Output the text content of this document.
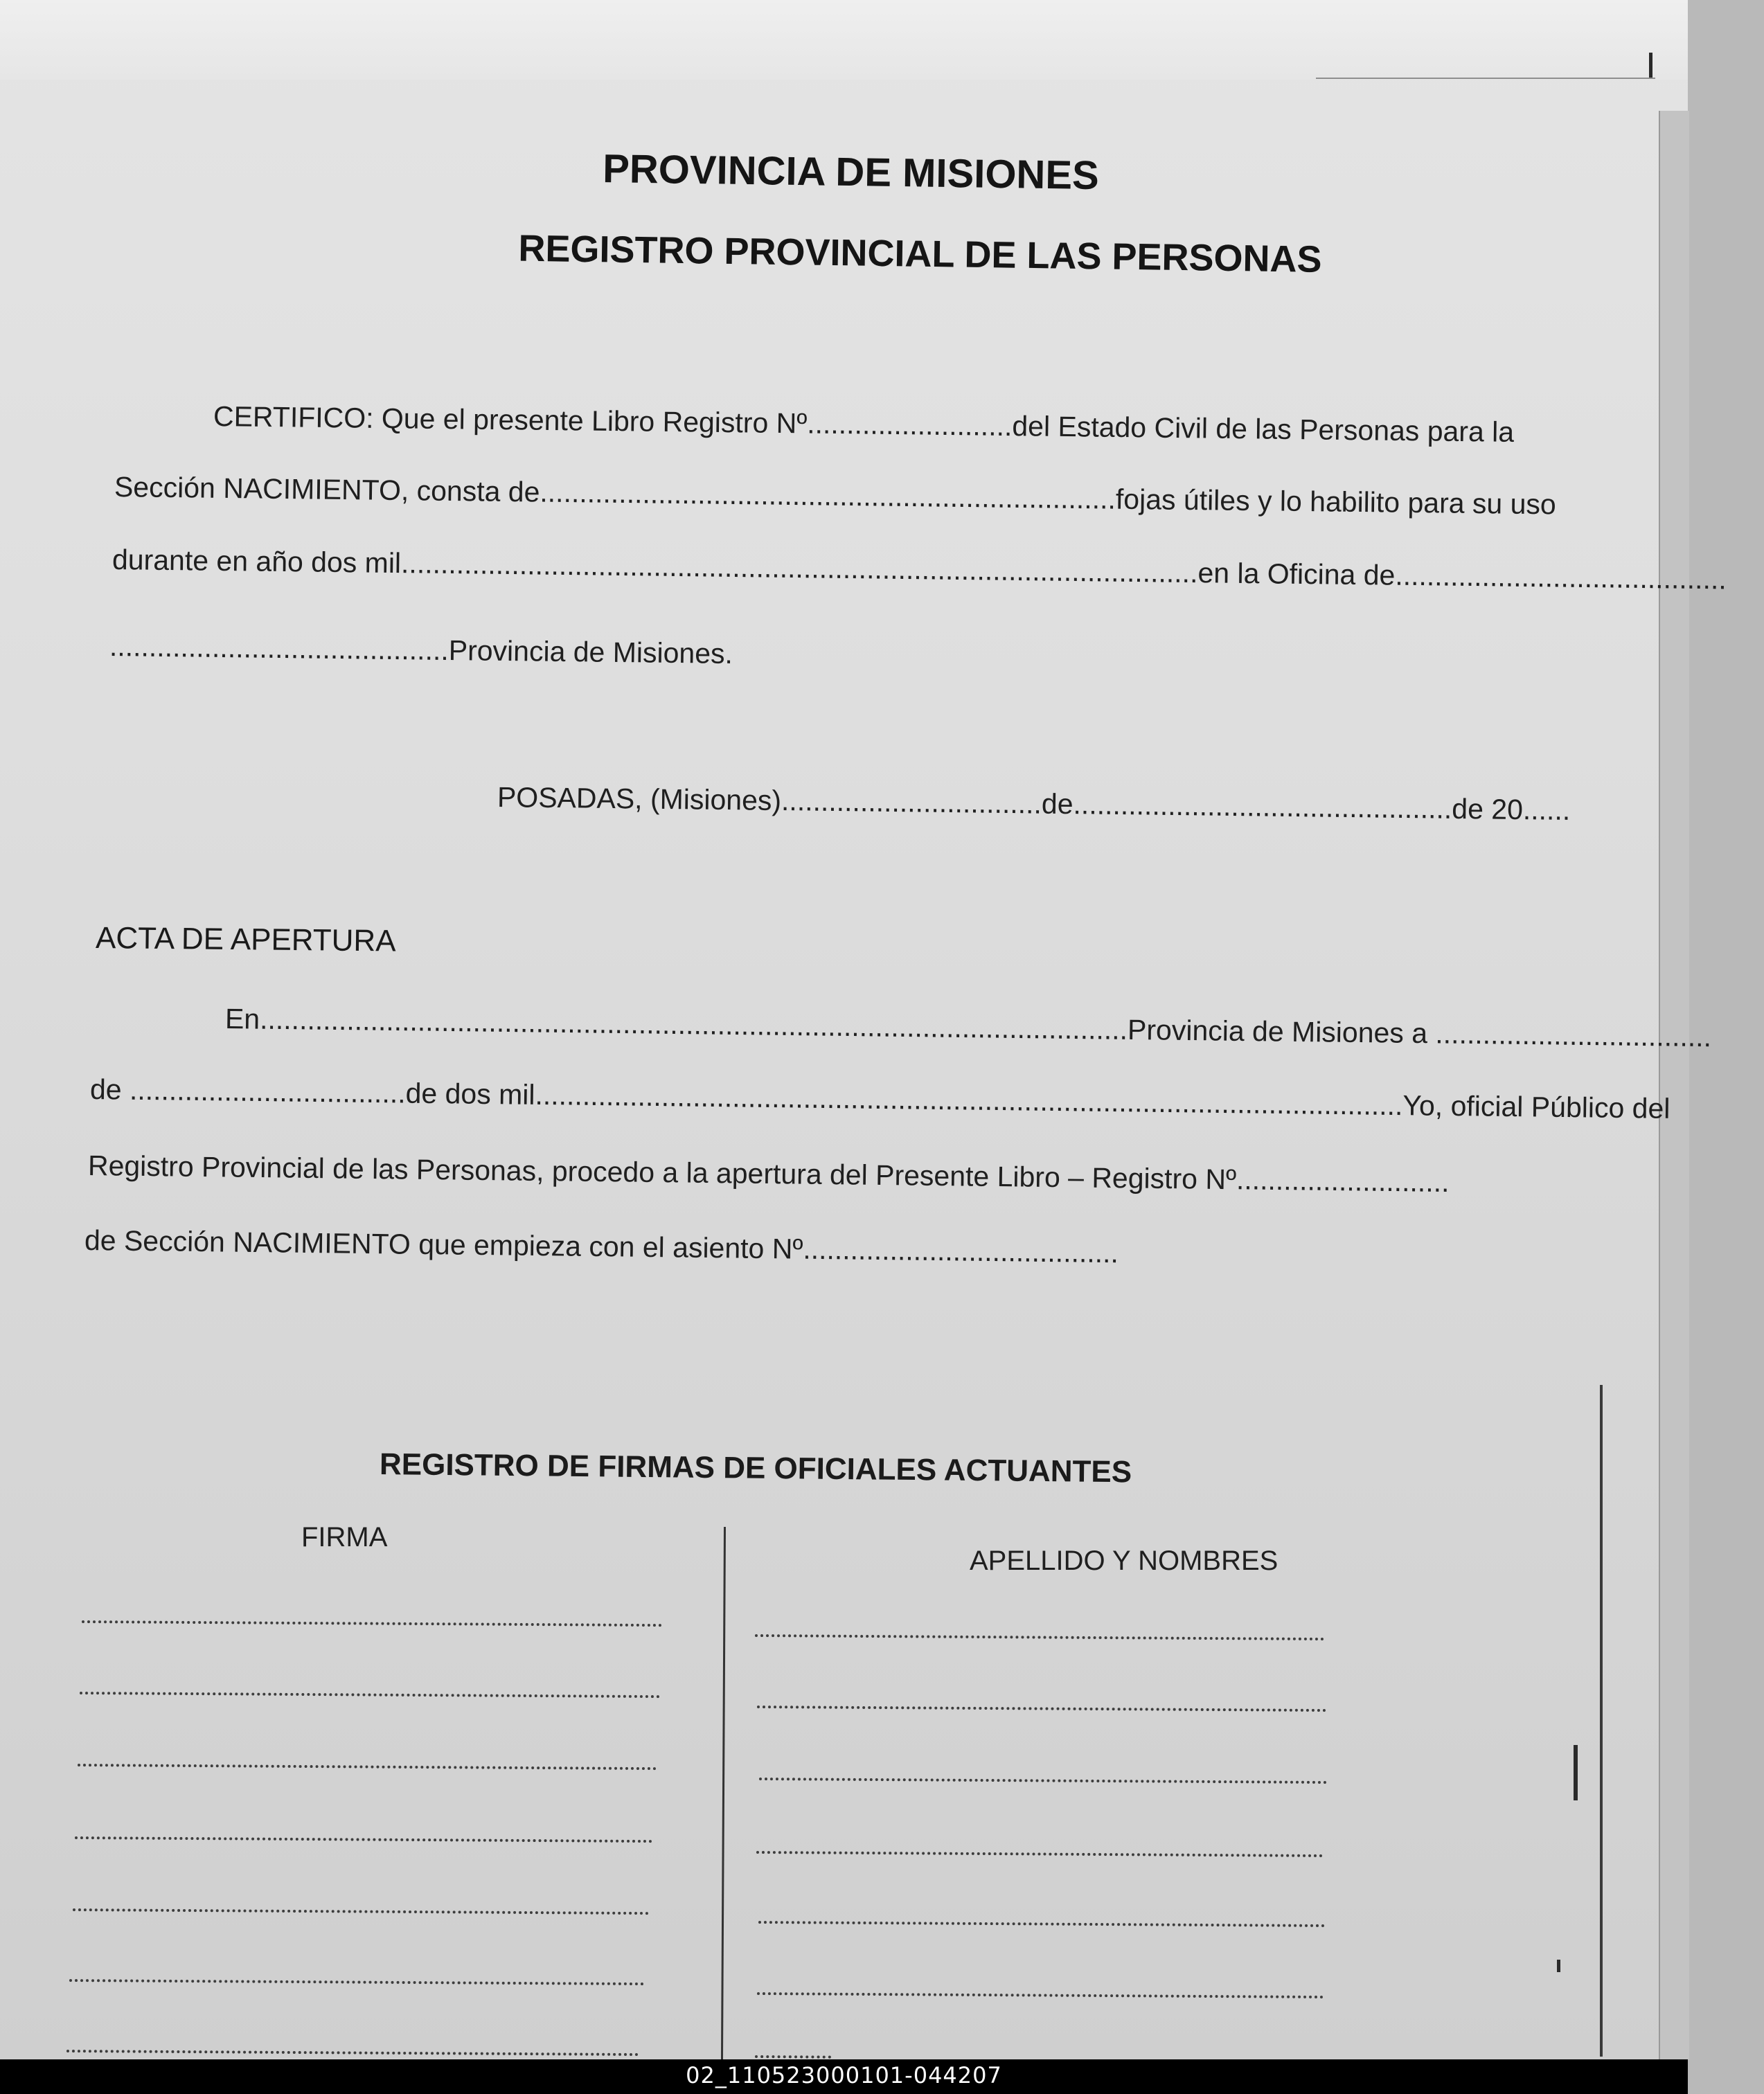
PROVINCIA DE MISIONES
REGISTRO PROVINCIAL DE LAS PERSONAS
CERTIFICO: Que el presente Libro Registro Nº..........................del Estado Civil de las Personas para la
Sección NACIMIENTO, consta de.........................................................................fojas útiles y lo habilito para su uso
durante en año dos mil.....................................................................................................en la Oficina de..........................................
...........................................Provincia de Misiones.
POSADAS, (Misiones).................................de................................................de 20......
ACTA DE APERTURA
En..............................................................................................................Provincia de Misiones a ...................................
de ...................................de dos mil..............................................................................................................Yo, oficial Público del
Registro Provincial de las Personas, procedo a la apertura del Presente Libro – Registro Nº...........................
de Sección NACIMIENTO que empieza con el asiento Nº........................................
REGISTRO DE FIRMAS DE OFICIALES ACTUANTES
FIRMA
APELLIDO Y NOMBRES
02_110523000101-044207
